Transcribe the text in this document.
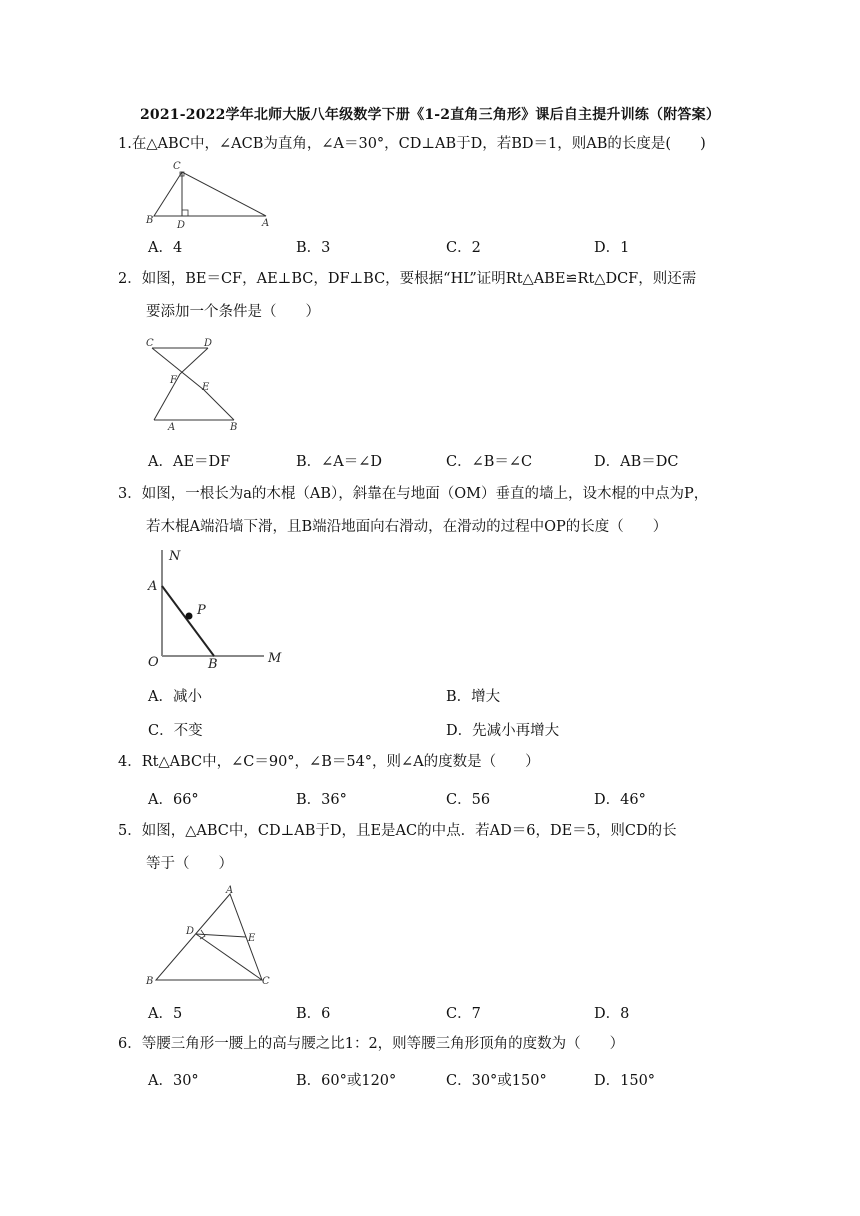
2021-2022学年北师大版八年级数学下册《1-2直角三角形》课后自主提升训练（附答案）

1.在△ABC中，∠ACB为直角，∠A＝30°，CD⊥AB于D，若BD＝1，则AB的长度是(　　)

C
B D	A
A．4	B．3	C．2	D．1

2．如图，BE＝CF，AE⊥BC，DF⊥BC，要根据“HL”证明Rt△ABE≌Rt△DCF，则还需

要添加一个条件是（　　）

C	D
F
E
A	B
A．AE＝DF	B．∠A＝∠D	C．∠B＝∠C	D．AB＝DC

3．如图，一根长为a的木棍（AB），斜靠在与地面（OM）垂直的墙上，设木棍的中点为P，

若木棍A端沿墙下滑，且B端沿地面向右滑动，在滑动的过程中OP的长度（　　）

N
A
P
O	B	M
A．减小	B．增大
C．不变	D．先减小再增大

4．Rt△ABC中，∠C＝90°，∠B＝54°，则∠A的度数是（　　）

A．66°	B．36°	C．56	D．46°

5．如图，△ABC中，CD⊥AB于D，且E是AC的中点．若AD＝6，DE＝5，则CD的长

等于（　　）

A
D
E
B	C
A．5	B．6	C．7	D．8

6．等腰三角形一腰上的高与腰之比1：2，则等腰三角形顶角的度数为（　　）

A．30°	B．60°或120°	C．30°或150°	D．150°
